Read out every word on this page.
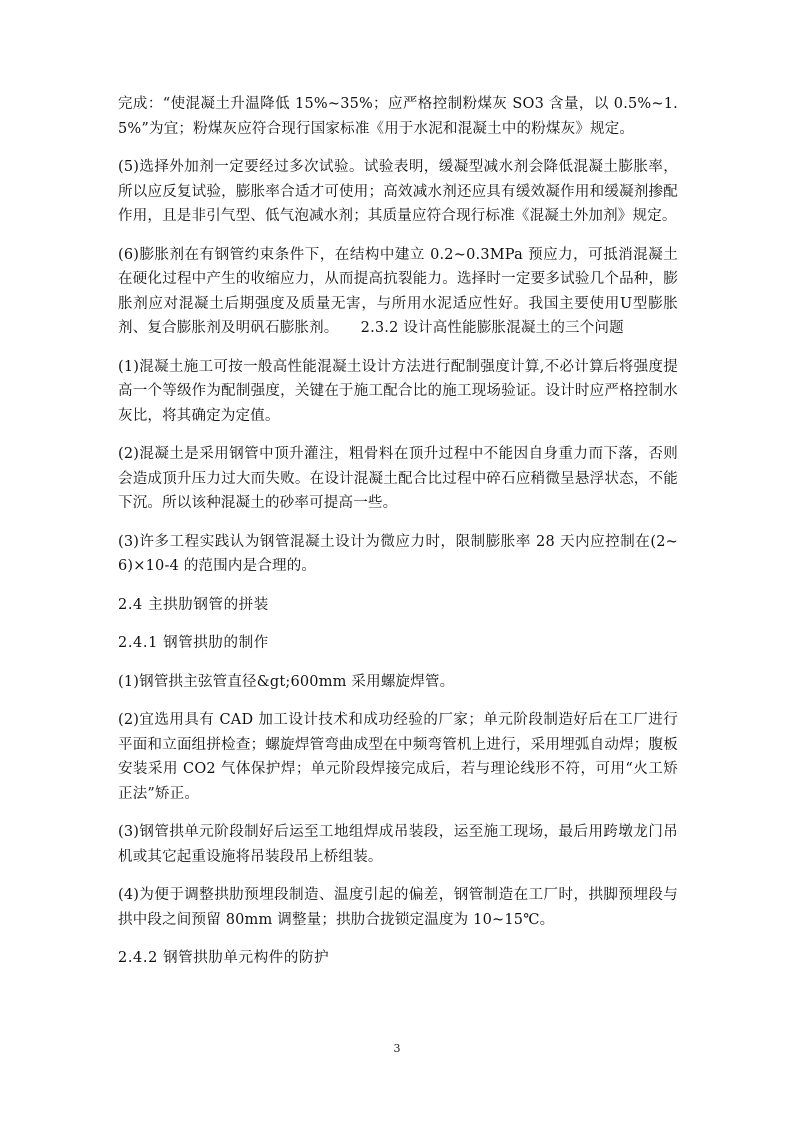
完成：“使混凝土升温降低 15%~35%；应严格控制粉煤灰 SO3 含量，以 0.5%~1.5%”为宜；粉煤灰应符合现行国家标准《用于水泥和混凝土中的粉煤灰》规定。

(5)选择外加剂一定要经过多次试验。试验表明，缓凝型减水剂会降低混凝土膨胀率，所以应反复试验，膨胀率合适才可使用；高效减水剂还应具有缓效凝作用和缓凝剂掺配作用，且是非引气型、低气泡减水剂；其质量应符合现行标准《混凝土外加剂》规定。

(6)膨胀剂在有钢管约束条件下，在结构中建立 0.2~0.3MPa 预应力，可抵消混凝土在硬化过程中产生的收缩应力，从而提高抗裂能力。选择时一定要多试验几个品种，膨胀剂应对混凝土后期强度及质量无害，与所用水泥适应性好。我国主要使用U型膨胀剂、复合膨胀剂及明矾石膨胀剂。　　2.3.2 设计高性能膨胀混凝土的三个问题

(1)混凝土施工可按一般高性能混凝土设计方法进行配制强度计算,不必计算后将强度提高一个等级作为配制强度，关键在于施工配合比的施工现场验证。设计时应严格控制水灰比，将其确定为定值。

(2)混凝土是采用钢管中顶升灌注，粗骨料在顶升过程中不能因自身重力而下落，否则会造成顶升压力过大而失败。在设计混凝土配合比过程中碎石应稍微呈悬浮状态，不能下沉。所以该种混凝土的砂率可提高一些。

(3)许多工程实践认为钢管混凝土设计为微应力时，限制膨胀率 28 天内应控制在(2~6)×10-4 的范围内是合理的。

2.4 主拱肋钢管的拼装

2.4.1 钢管拱肋的制作

(1)钢管拱主弦管直径&gt;600mm 采用螺旋焊管。

(2)宜选用具有 CAD 加工设计技术和成功经验的厂家；单元阶段制造好后在工厂进行平面和立面组拼检查；螺旋焊管弯曲成型在中频弯管机上进行，采用埋弧自动焊；腹板安装采用 CO2 气体保护焊；单元阶段焊接完成后，若与理论线形不符，可用“火工矫正法”矫正。

(3)钢管拱单元阶段制好后运至工地组焊成吊装段，运至施工现场，最后用跨墩龙门吊机或其它起重设施将吊装段吊上桥组装。

(4)为便于调整拱肋预埋段制造、温度引起的偏差，钢管制造在工厂时，拱脚预埋段与拱中段之间预留 80mm 调整量；拱肋合拢锁定温度为 10~15℃。

2.4.2 钢管拱肋单元构件的防护

3
